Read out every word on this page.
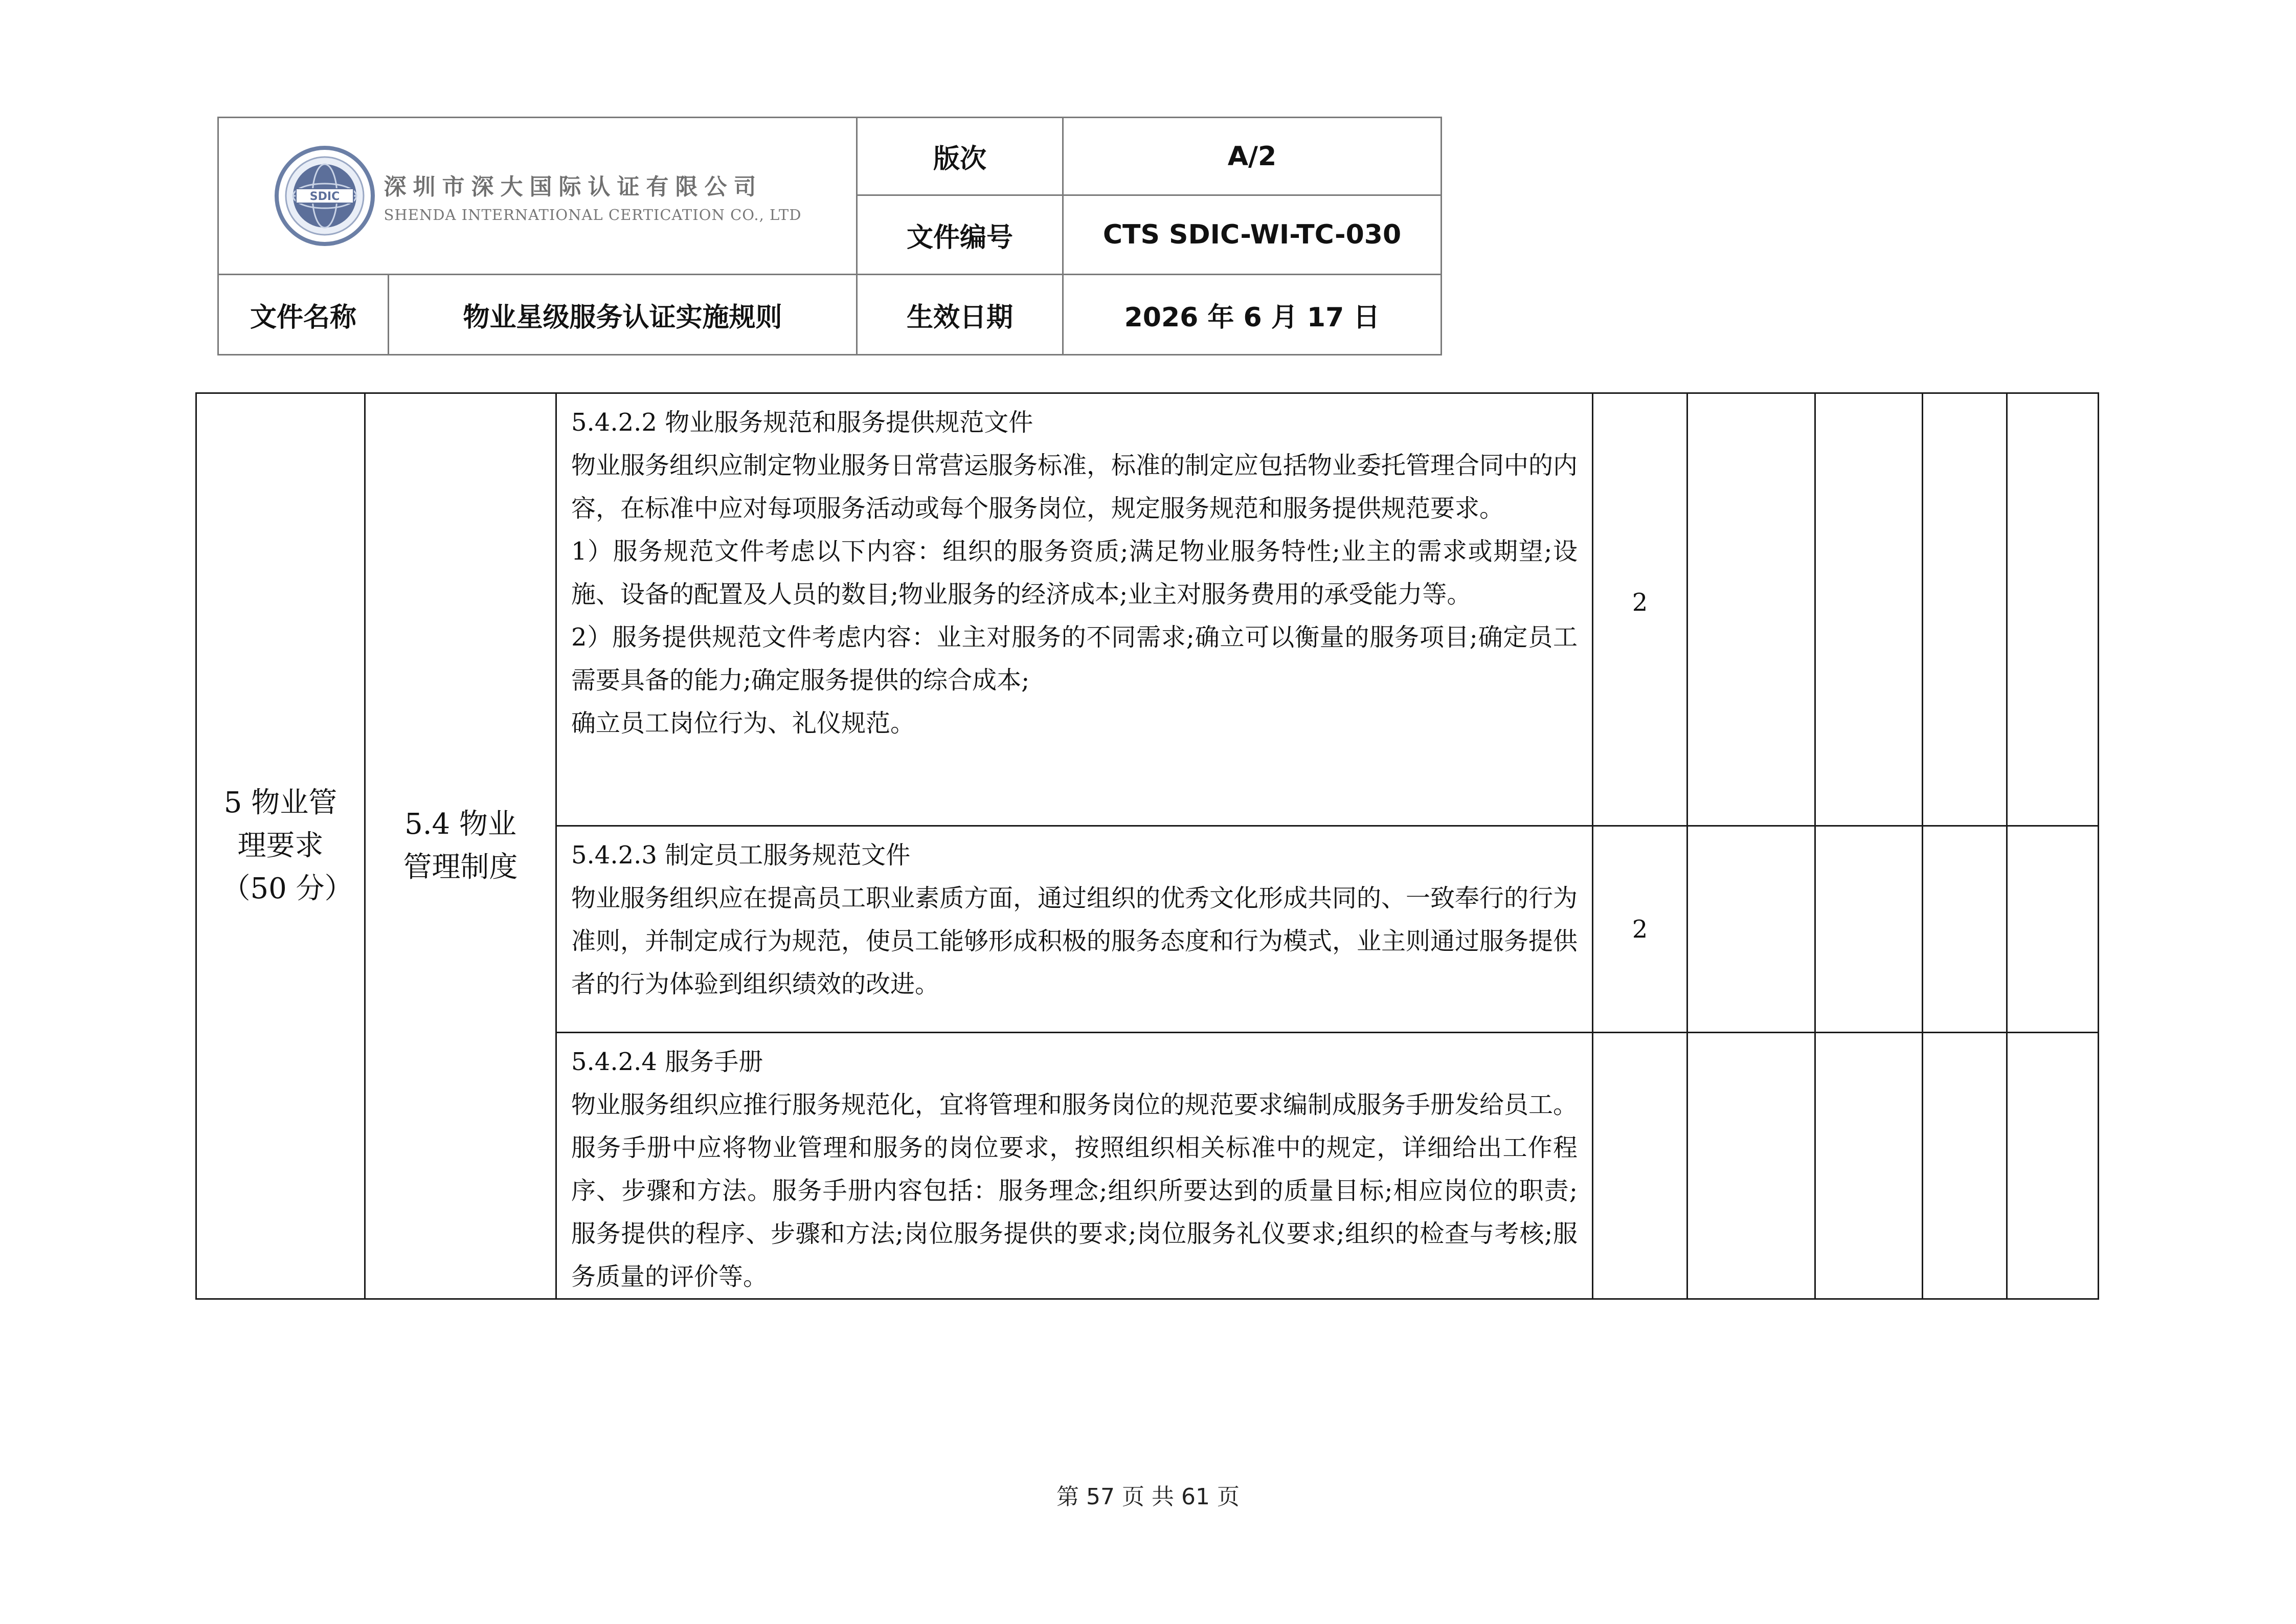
SDIC 深圳市深大国际认证有限公司
SHENDA INTERNATIONAL CERTICATION CO., LTD		版次	A/2
		文件编号	CTS SDIC-WI-TC-030
文件名称	物业星级服务认证实施规则	生效日期	2026 年 6 月 17 日
5 物业管理要求（50 分）	5.4 物业管理制度	5.4.2.2 物业服务规范和服务提供规范文件

物业服务组织应制定物业服务日常营运服务标准，标准的制定应包括物业委托管理合同中的内容，在标准中应对每项服务活动或每个服务岗位，规定服务规范和服务提供规范要求。

1）服务规范文件考虑以下内容：组织的服务资质;满足物业服务特性;业主的需求或期望;设施、设备的配置及人员的数目;物业服务的经济成本;业主对服务费用的承受能力等。

2）服务提供规范文件考虑内容：业主对服务的不同需求;确立可以衡量的服务项目;确定员工需要具备的能力;确定服务提供的综合成本;

确立员工岗位行为、礼仪规范。	2				

		5.4.2.3 制定员工服务规范文件

物业服务组织应在提高员工职业素质方面，通过组织的优秀文化形成共同的、一致奉行的行为准则，并制定成行为规范，使员工能够形成积极的服务态度和行为模式，业主则通过服务提供者的行为体验到组织绩效的改进。	2				

		5.4.2.4 服务手册

物业服务组织应推行服务规范化，宜将管理和服务岗位的规范要求编制成服务手册发给员工。服务手册中应将物业管理和服务的岗位要求，按照组织相关标准中的规定，详细给出工作程序、步骤和方法。服务手册内容包括：服务理念;组织所要达到的质量目标;相应岗位的职责;服务提供的程序、步骤和方法;岗位服务提供的要求;岗位服务礼仪要求;组织的检查与考核;服务质量的评价等。					

第 57 页 共 61 页
